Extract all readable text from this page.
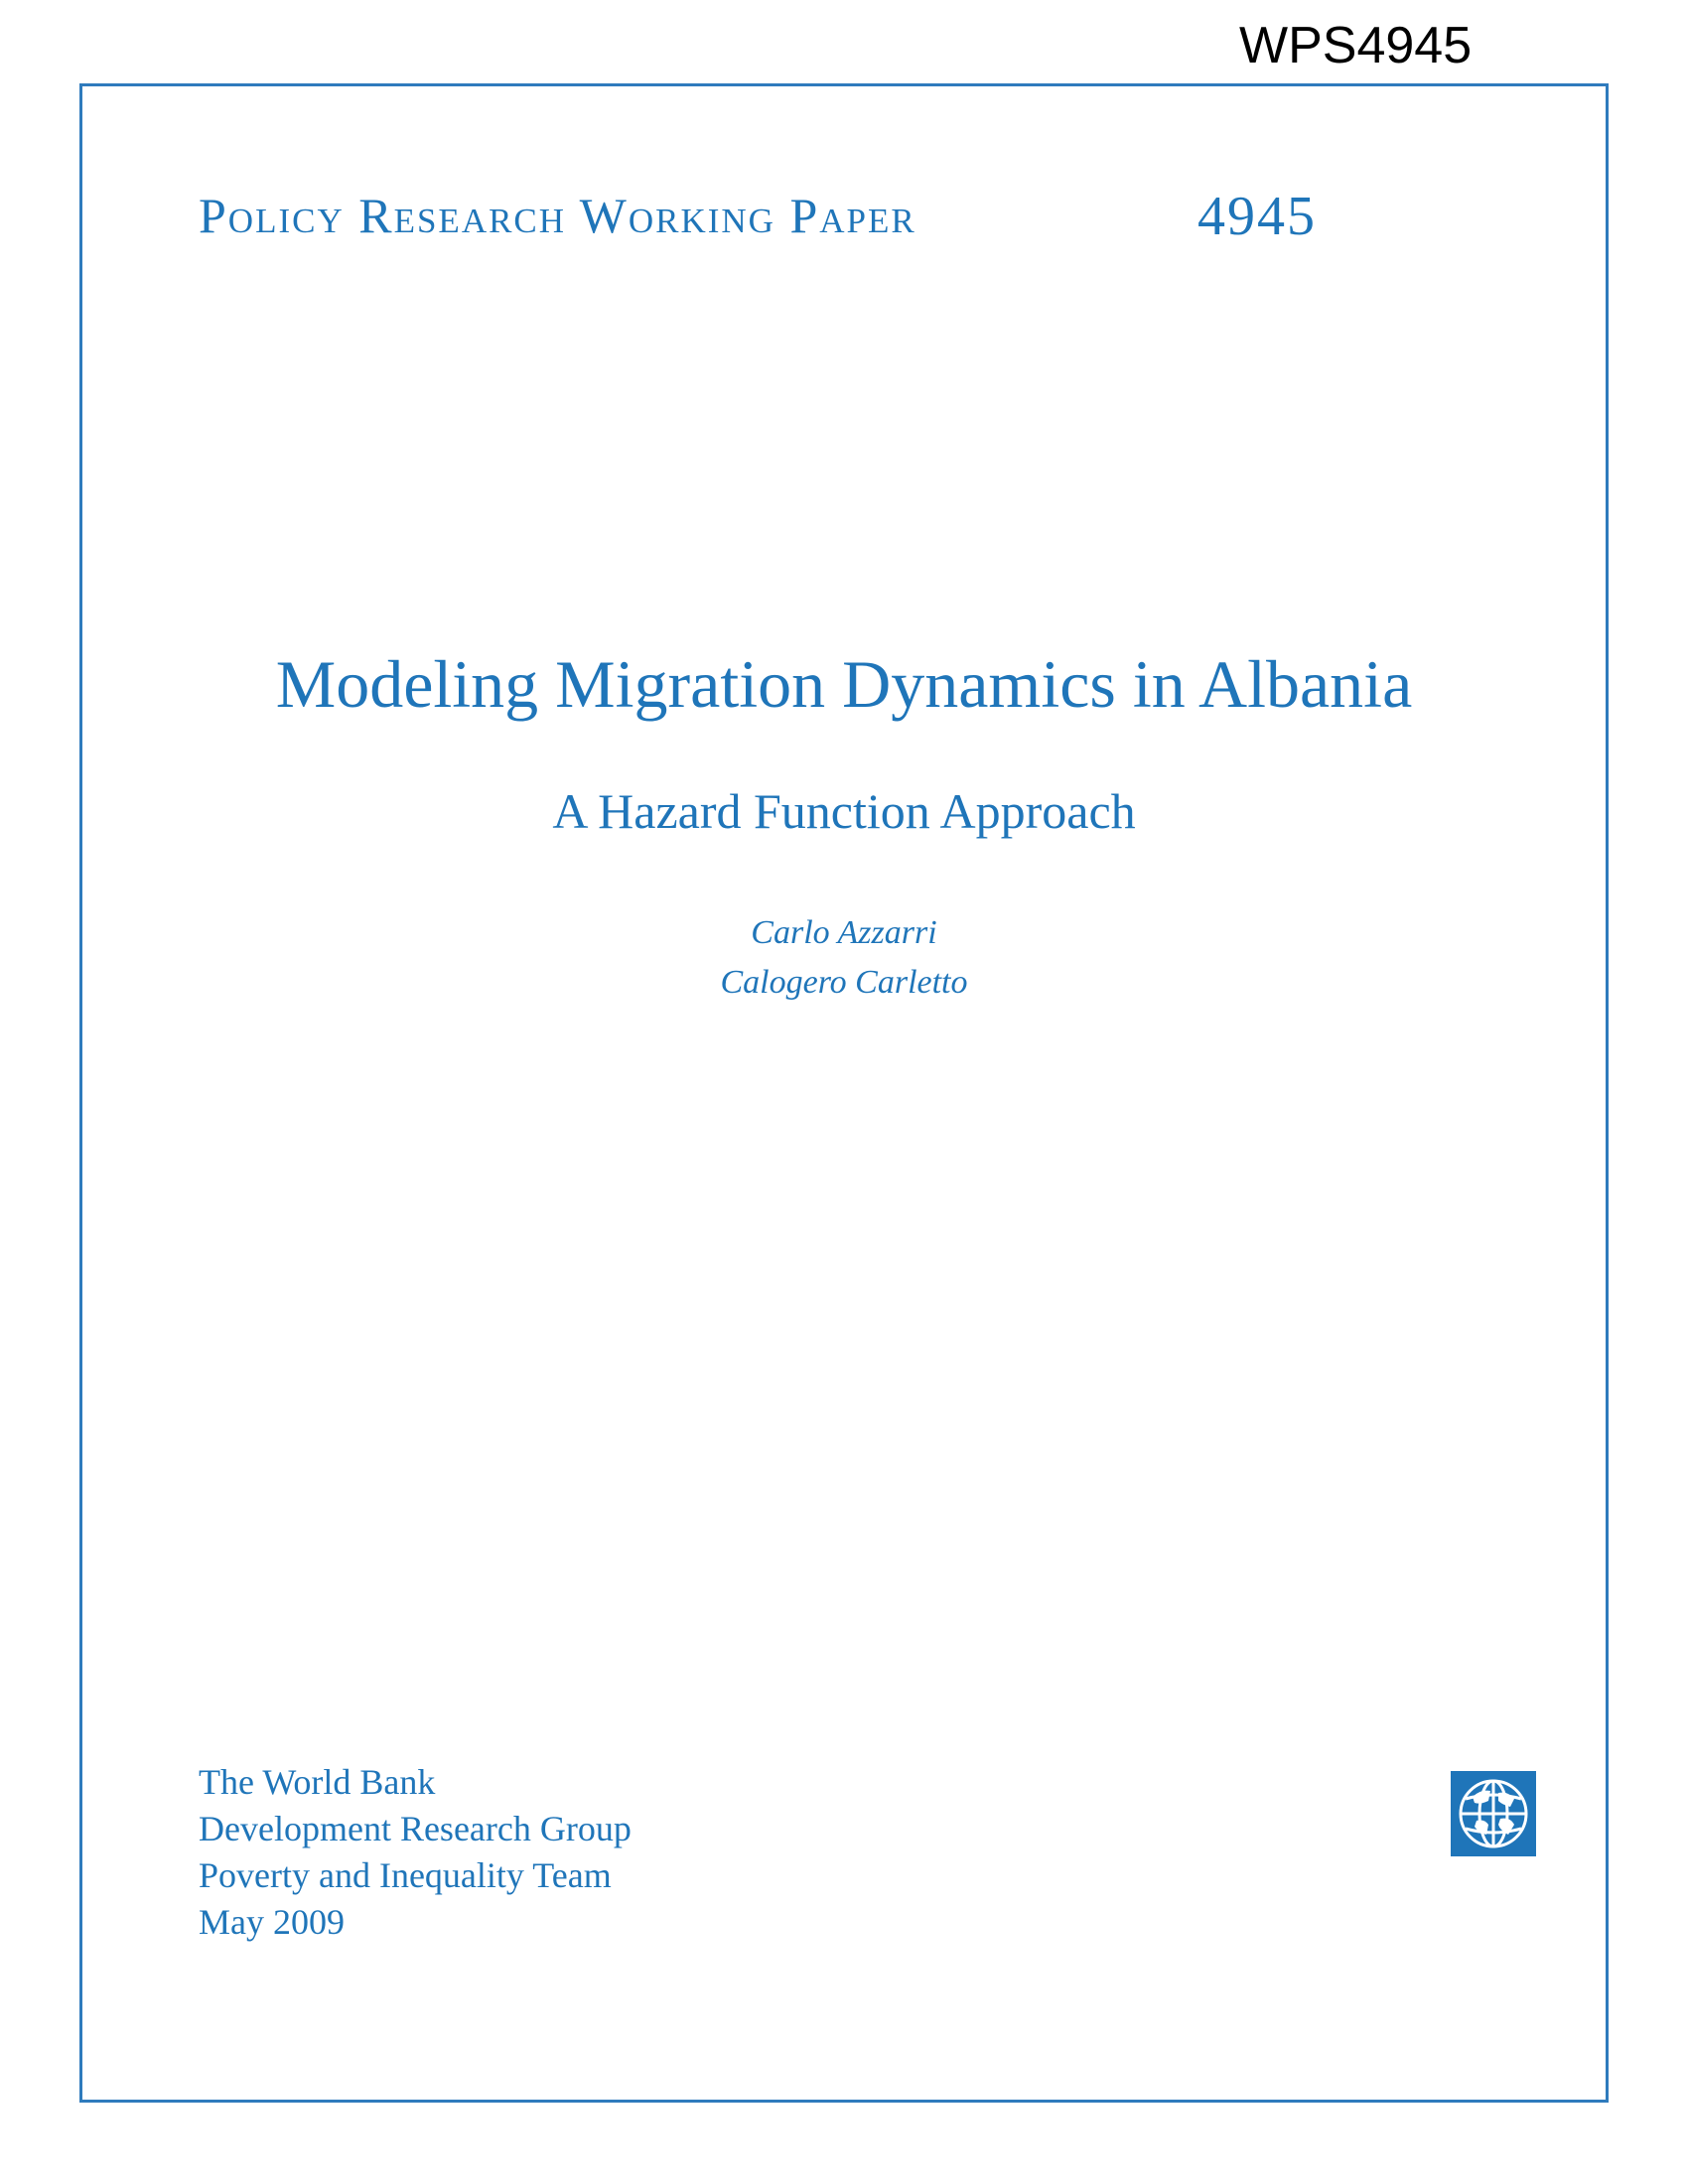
WPS4945
Policy Research Working Paper	4945
Modeling Migration Dynamics in Albania
A Hazard Function Approach
Carlo Azzarri
Calogero Carletto
The World Bank
Development Research Group
Poverty and Inequality Team
May 2009
